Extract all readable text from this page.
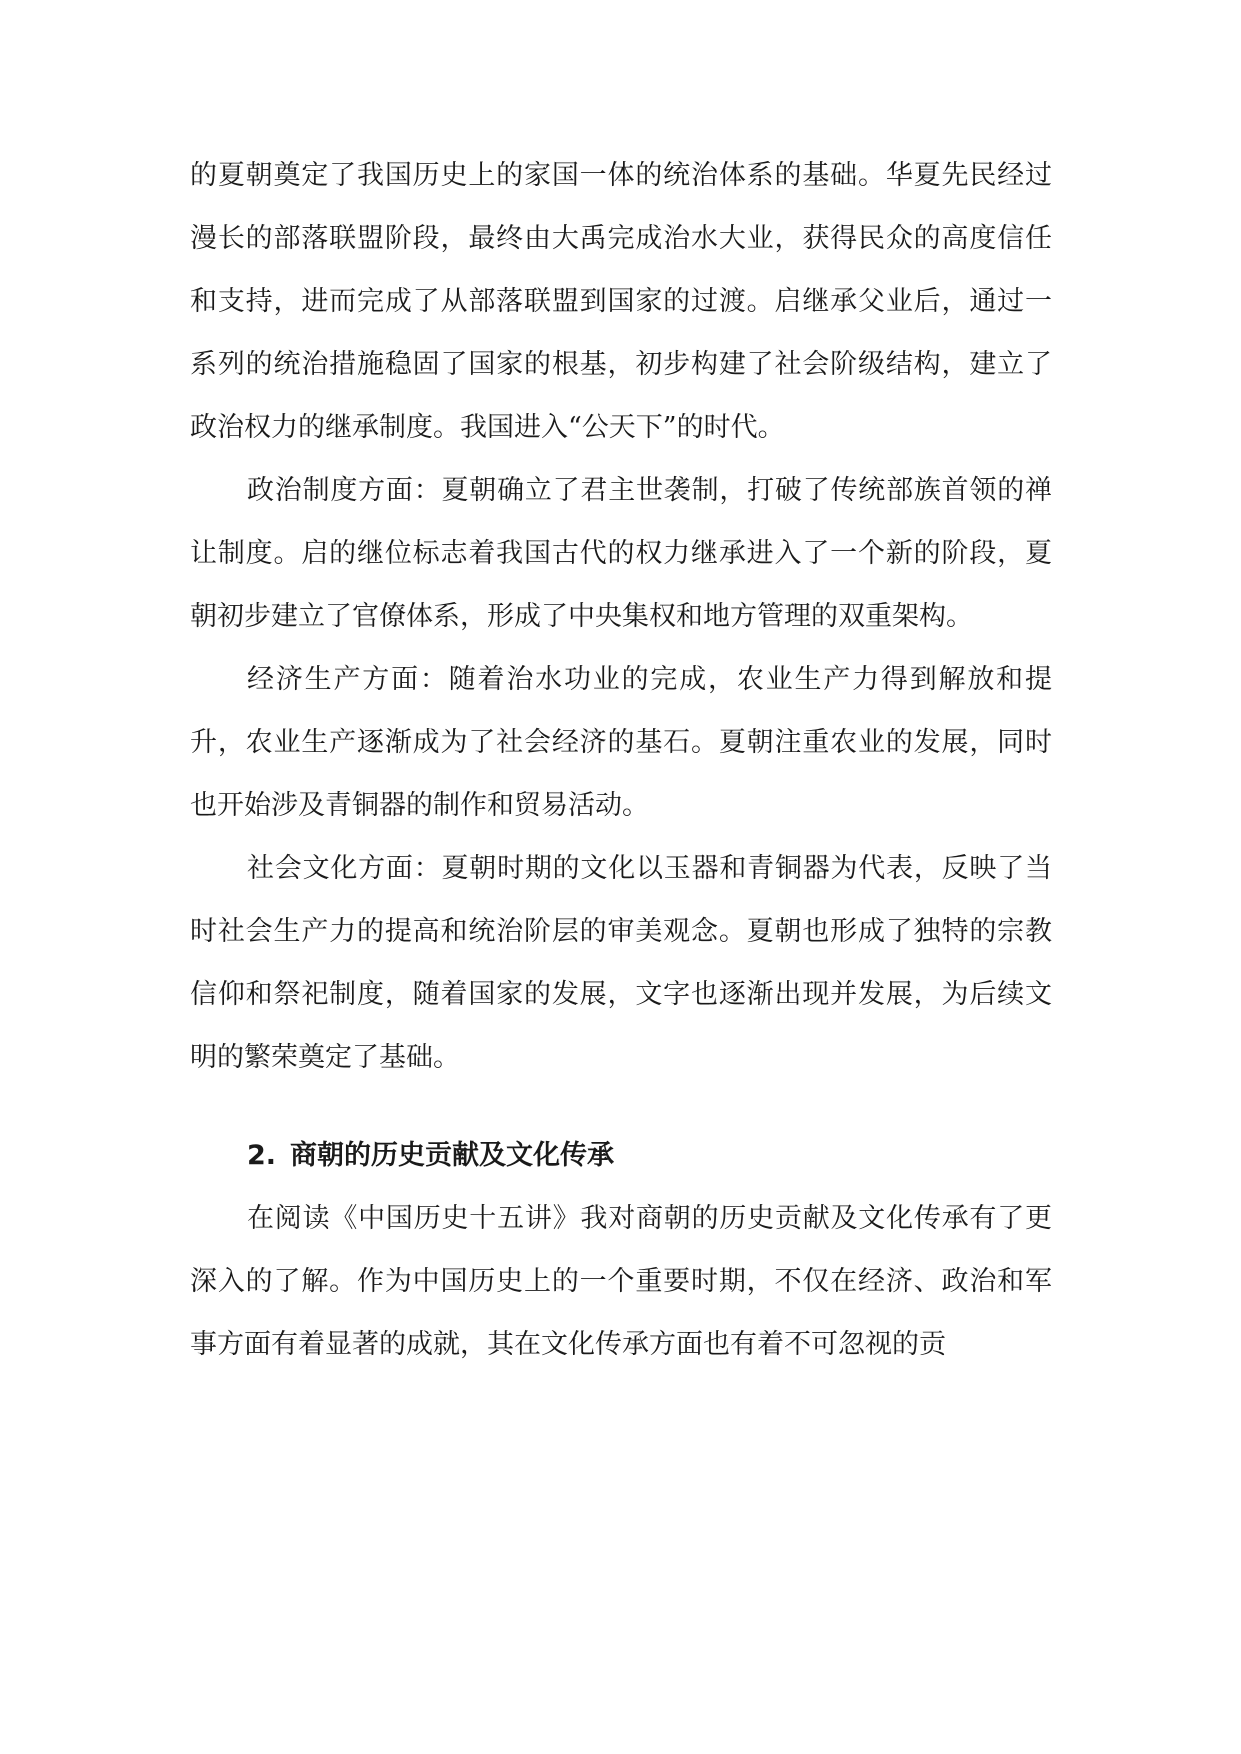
的夏朝奠定了我国历史上的家国一体的统治体系的基础。华夏先民经过漫长的部落联盟阶段，最终由大禹完成治水大业，获得民众的高度信任和支持，进而完成了从部落联盟到国家的过渡。启继承父业后，通过一系列的统治措施稳固了国家的根基，初步构建了社会阶级结构，建立了政治权力的继承制度。我国进入“公天下”的时代。

政治制度方面：夏朝确立了君主世袭制，打破了传统部族首领的禅让制度。启的继位标志着我国古代的权力继承进入了一个新的阶段，夏朝初步建立了官僚体系，形成了中央集权和地方管理的双重架构。

经济生产方面：随着治水功业的完成，农业生产力得到解放和提升，农业生产逐渐成为了社会经济的基石。夏朝注重农业的发展，同时也开始涉及青铜器的制作和贸易活动。

社会文化方面：夏朝时期的文化以玉器和青铜器为代表，反映了当时社会生产力的提高和统治阶层的审美观念。夏朝也形成了独特的宗教信仰和祭祀制度，随着国家的发展，文字也逐渐出现并发展，为后续文明的繁荣奠定了基础。

2. 商朝的历史贡献及文化传承

在阅读《中国历史十五讲》我对商朝的历史贡献及文化传承有了更深入的了解。作为中国历史上的一个重要时期，不仅在经济、政治和军事方面有着显著的成就，其在文化传承方面也有着不可忽视的贡
